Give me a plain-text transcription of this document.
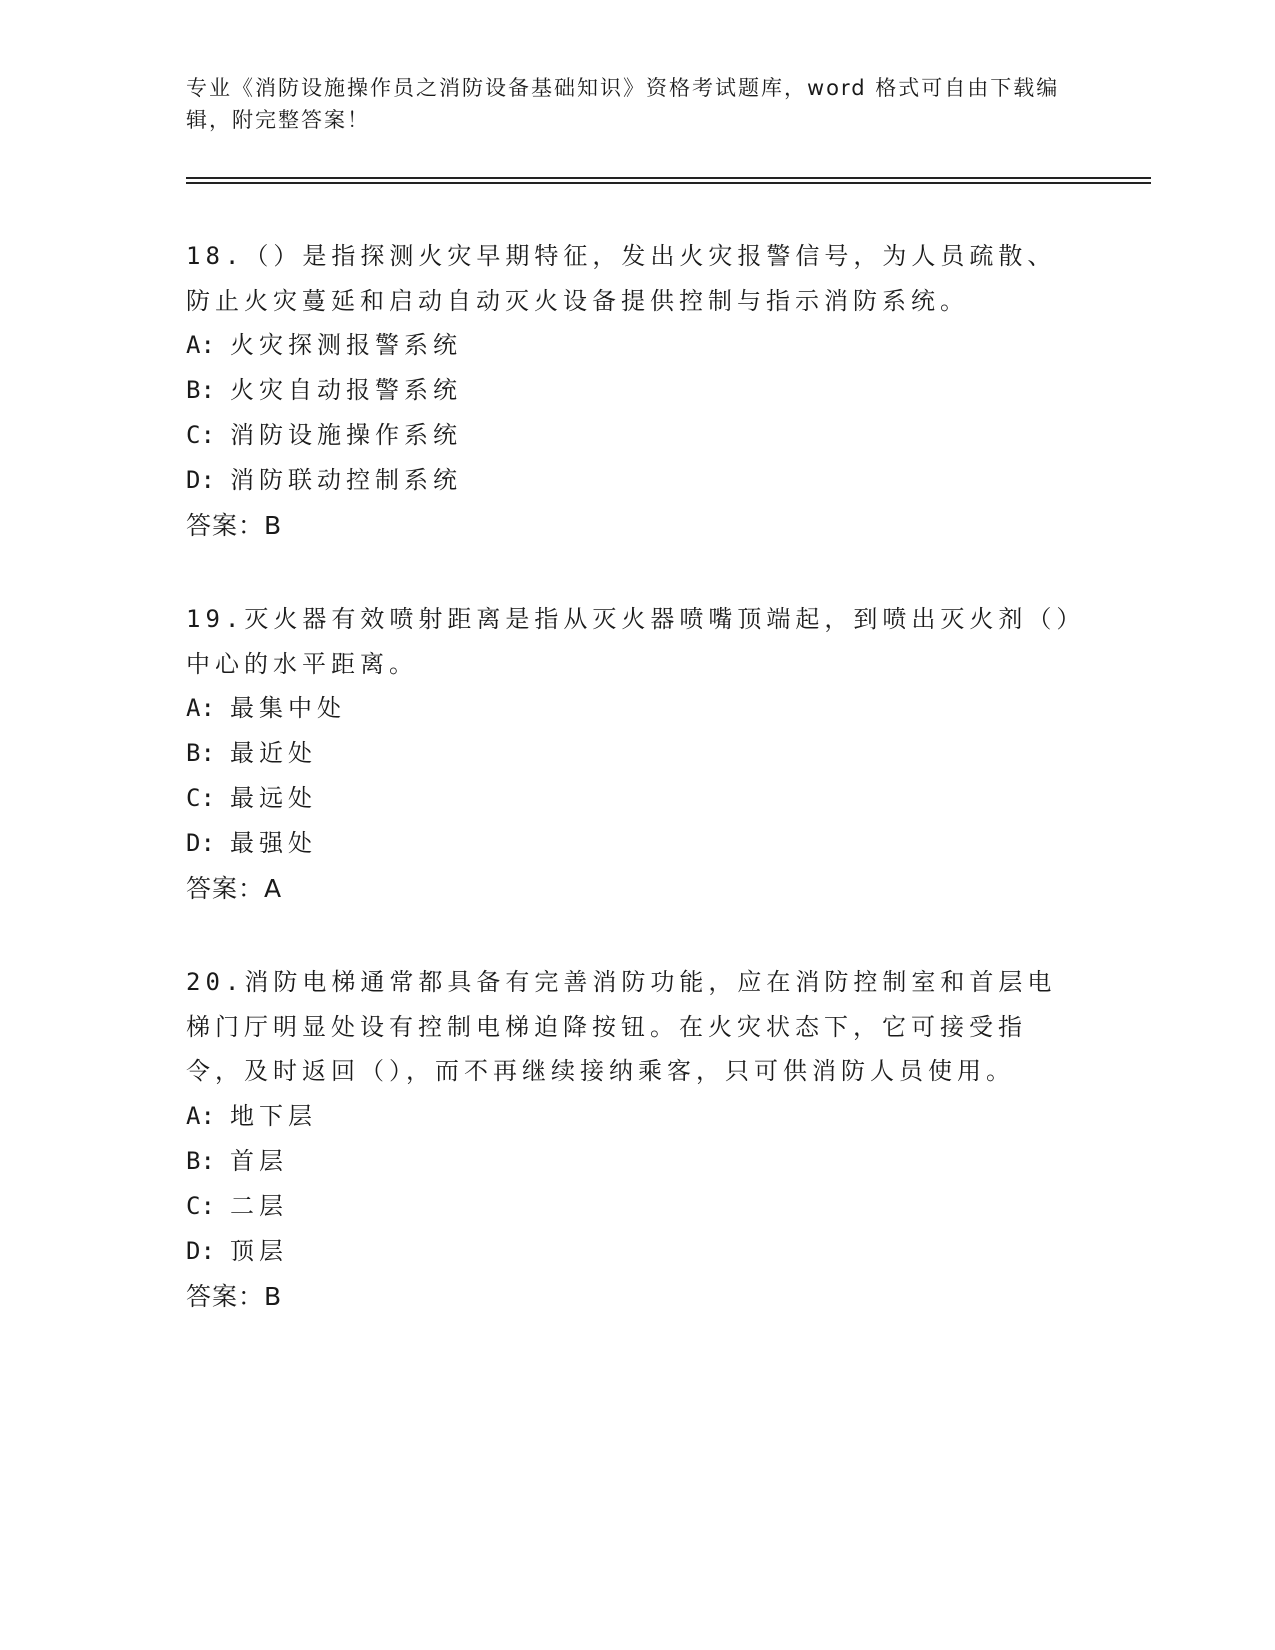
专业《消防设施操作员之消防设备基础知识》资格考试题库，word 格式可自由下载编辑，附完整答案！

18.（）是指探测火灾早期特征，发出火灾报警信号，为人员疏散、防止火灾蔓延和启动自动灭火设备提供控制与指示消防系统。

A: 火灾探测报警系统

B: 火灾自动报警系统

C: 消防设施操作系统

D: 消防联动控制系统

答案：B

19.灭火器有效喷射距离是指从灭火器喷嘴顶端起，到喷出灭火剂（）中心的水平距离。

A: 最集中处

B: 最近处

C: 最远处

D: 最强处

答案：A

20.消防电梯通常都具备有完善消防功能，应在消防控制室和首层电梯门厅明显处设有控制电梯迫降按钮。在火灾状态下，它可接受指令，及时返回（），而不再继续接纳乘客，只可供消防人员使用。

A: 地下层

B: 首层

C: 二层

D: 顶层

答案：B
